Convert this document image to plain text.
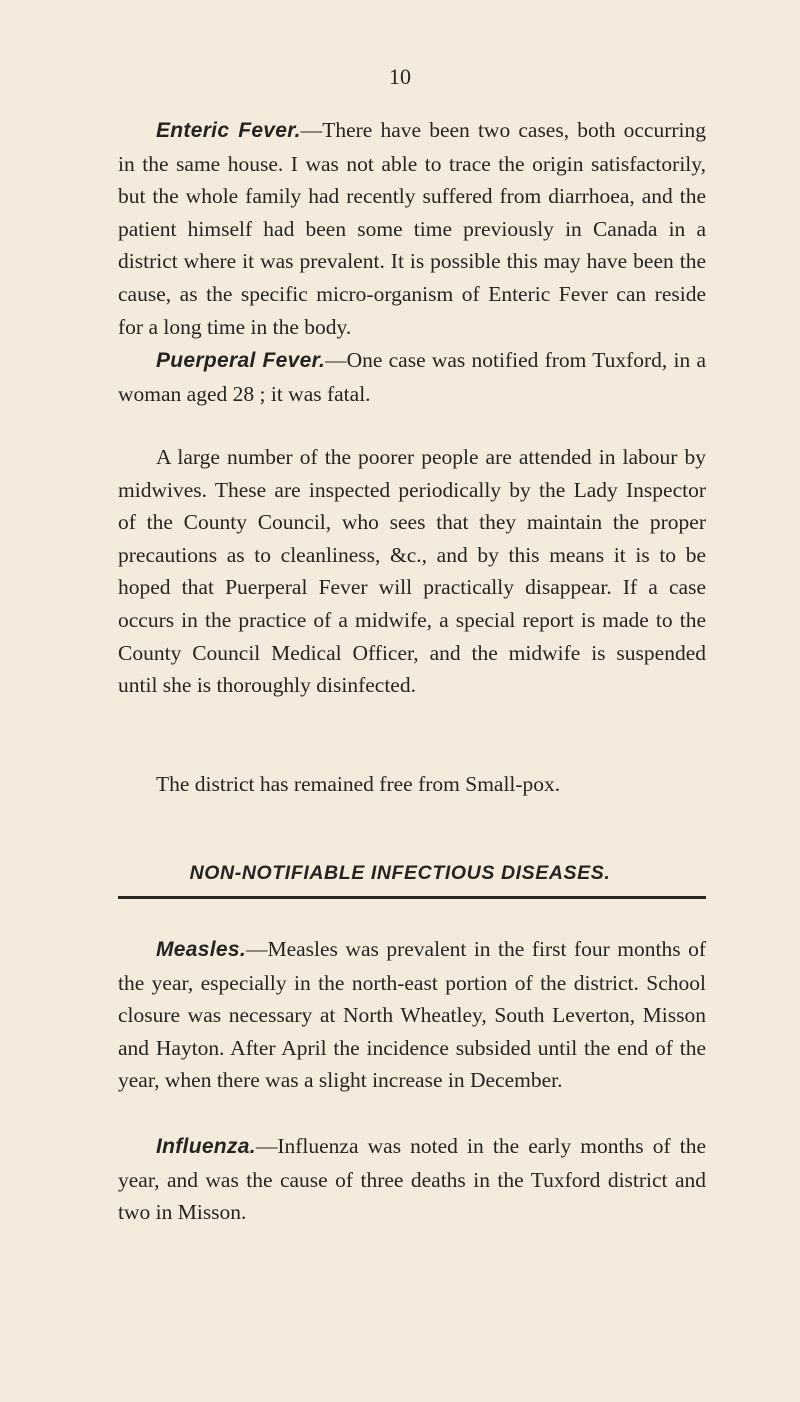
10

Enteric Fever.—There have been two cases, both occurring in the same house. I was not able to trace the origin satisfactorily, but the whole family had recently suffered from diarrhoea, and the patient himself had been some time previously in Canada in a district where it was prevalent. It is possible this may have been the cause, as the specific micro-organism of Enteric Fever can reside for a long time in the body.

Puerperal Fever.—One case was notified from Tuxford, in a woman aged 28 ; it was fatal.

A large number of the poorer people are attended in labour by midwives. These are inspected periodically by the Lady Inspector of the County Council, who sees that they maintain the proper precautions as to cleanliness, &c., and by this means it is to be hoped that Puerperal Fever will practically disappear. If a case occurs in the practice of a midwife, a special report is made to the County Council Medical Officer, and the midwife is suspended until she is thoroughly disinfected.

The district has remained free from Small-pox.

NON-NOTIFIABLE INFECTIOUS DISEASES.

Measles.—Measles was prevalent in the first four months of the year, especially in the north-east portion of the district. School closure was necessary at North Wheatley, South Leverton, Misson and Hayton. After April the incidence subsided until the end of the year, when there was a slight increase in December.

Influenza.—Influenza was noted in the early months of the year, and was the cause of three deaths in the Tuxford district and two in Misson.
